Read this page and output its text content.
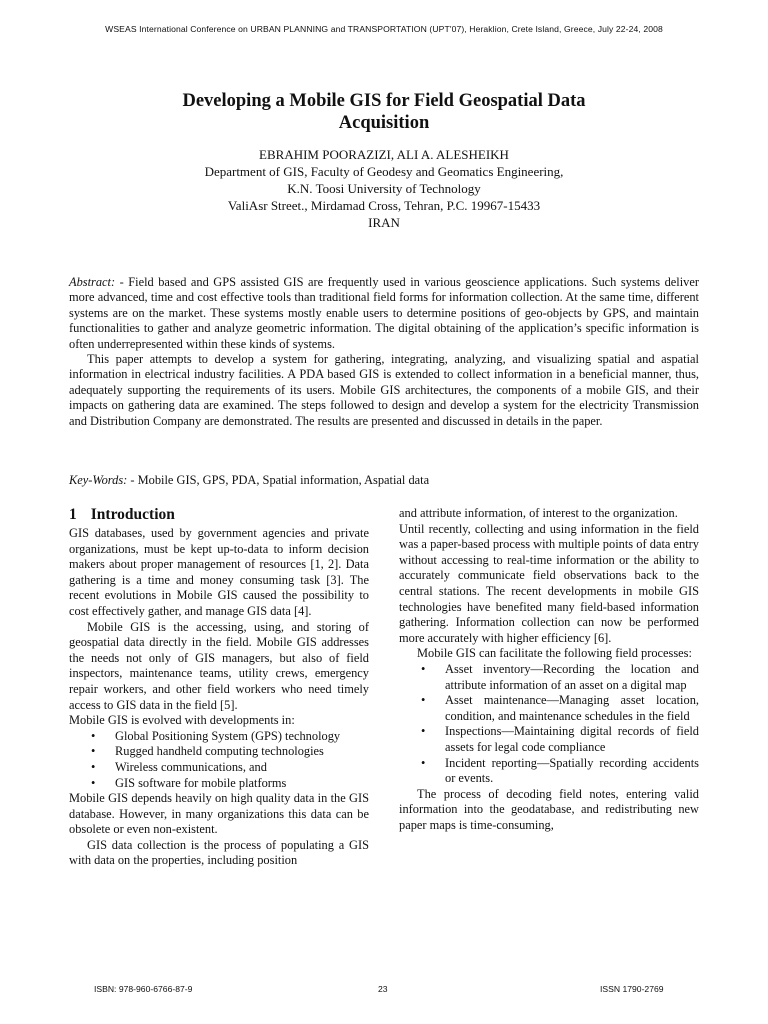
WSEAS International Conference on URBAN PLANNING and TRANSPORTATION (UPT'07), Heraklion, Crete Island, Greece, July 22-24, 2008
Developing a Mobile GIS for Field Geospatial Data
Acquisition
EBRAHIM POORAZIZI, ALI A. ALESHEIKH
Department of GIS, Faculty of Geodesy and Geomatics Engineering,
K.N. Toosi University of Technology
ValiAsr Street., Mirdamad Cross, Tehran, P.C. 19967-15433
IRAN

Abstract: - Field based and GPS assisted GIS are frequently used in various geoscience applications. Such systems deliver more advanced, time and cost effective tools than traditional field forms for information collection. At the same time, different systems are on the market. These systems mostly enable users to determine positions of geo-objects by GPS, and maintain functionalities to gather and analyze geometric information. The digital obtaining of the application’s specific information is often underrepresented within these kinds of systems.

This paper attempts to develop a system for gathering, integrating, analyzing, and visualizing spatial and aspatial information in electrical industry facilities. A PDA based GIS is extended to collect information in a beneficial manner, thus, adequately supporting the requirements of its users. Mobile GIS architectures, the components of a mobile GIS, and their impacts on gathering data are examined. The steps followed to design and develop a system for the electricity Transmission and Distribution Company are demonstrated. The results are presented and discussed in details in the paper.

Key-Words: - Mobile GIS, GPS, PDA, Spatial information, Aspatial data
1 Introduction

GIS databases, used by government agencies and private organizations, must be kept up-to-data to inform decision makers about proper management of resources [1, 2]. Data gathering is a time and money consuming task [3]. The recent evolutions in Mobile GIS caused the possibility to cost effectively gather, and manage GIS data [4].

Mobile GIS is the accessing, using, and storing of geospatial data directly in the field. Mobile GIS addresses the needs not only of GIS managers, but also of field inspectors, maintenance teams, utility crews, emergency repair workers, and other field workers who need timely access to GIS data in the field [5].

Mobile GIS is evolved with developments in:

• Global Positioning System (GPS) technology
• Rugged handheld computing technologies
• Wireless communications, and
• GIS software for mobile platforms

Mobile GIS depends heavily on high quality data in the GIS database. However, in many organizations this data can be obsolete or even non-existent.

GIS data collection is the process of populating a GIS with data on the properties, including position

and attribute information, of interest to the organization.

Until recently, collecting and using information in the field was a paper-based process with multiple points of data entry without accessing to real-time information or the ability to accurately communicate field observations back to the central stations. The recent developments in mobile GIS technologies have benefited many field-based information gathering. Information collection can now be performed more accurately with higher efficiency [6].

Mobile GIS can facilitate the following field processes:

• Asset inventory—Recording the location and attribute information of an asset on a digital map
• Asset maintenance—Managing asset location, condition, and maintenance schedules in the field
• Inspections—Maintaining digital records of field assets for legal code compliance
• Incident reporting—Spatially recording accidents or events.

The process of decoding field notes, entering valid information into the geodatabase, and redistributing new paper maps is time-consuming,

ISBN: 978-960-6766-87-9	23	ISSN 1790-2769
